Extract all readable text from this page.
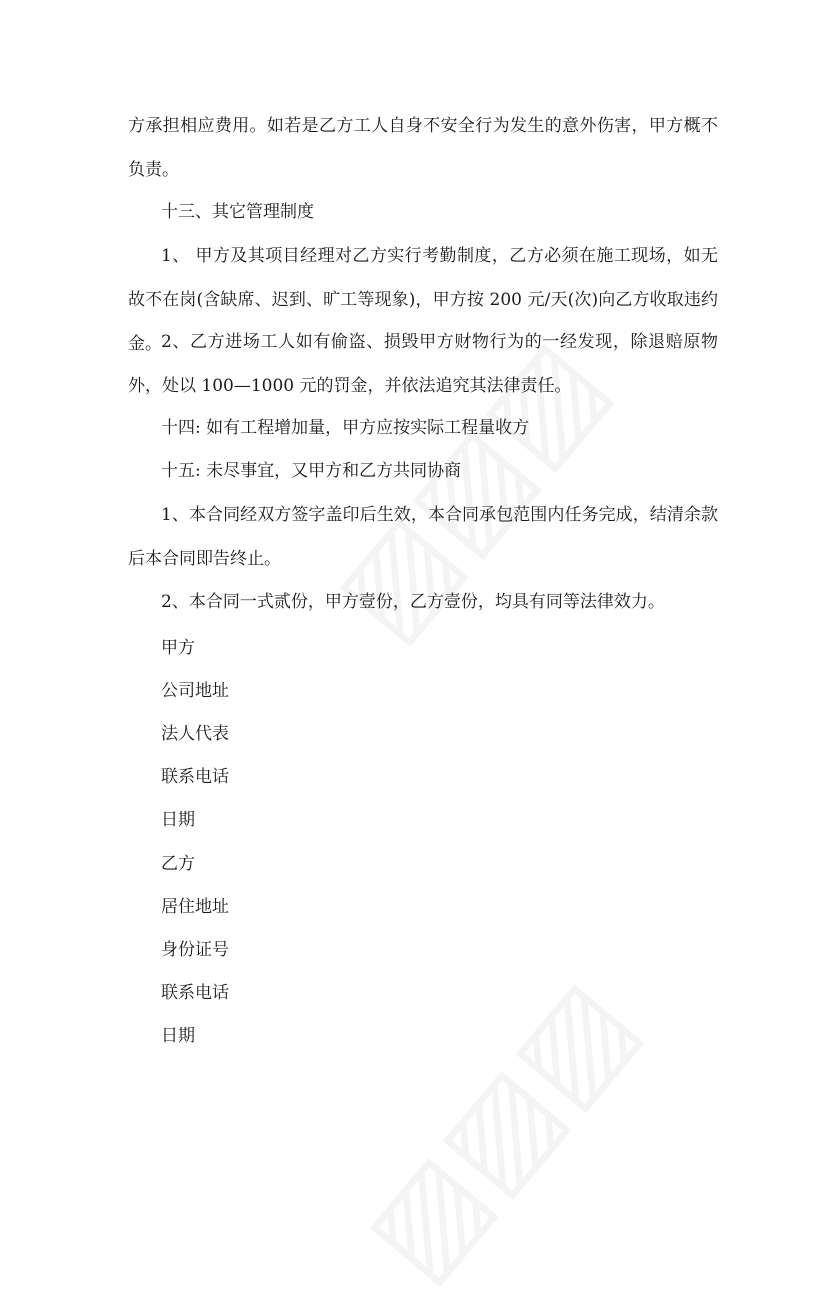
方承担相应费用。如若是乙方工人自身不安全行为发生的意外伤害，甲方概不负责。

十三、其它管理制度

1、 甲方及其项目经理对乙方实行考勤制度，乙方必须在施工现场，如无故不在岗(含缺席、迟到、旷工等现象)，甲方按 200 元/天(次)向乙方收取违约金。 2、乙方进场工人如有偷盗、损毁甲方财物行为的一经发现，除退赔原物外，处以 100—1000 元的罚金，并依法追究其法律责任。

十四: 如有工程增加量，甲方应按实际工程量收方

十五: 未尽事宜，又甲方和乙方共同协商

1、本合同经双方签字盖印后生效，本合同承包范围内任务完成，结清余款后本合同即告终止。

2、本合同一式贰份，甲方壹份，乙方壹份，均具有同等法律效力。

甲方

公司地址

法人代表

联系电话

日期

乙方

居住地址

身份证号

联系电话

日期
